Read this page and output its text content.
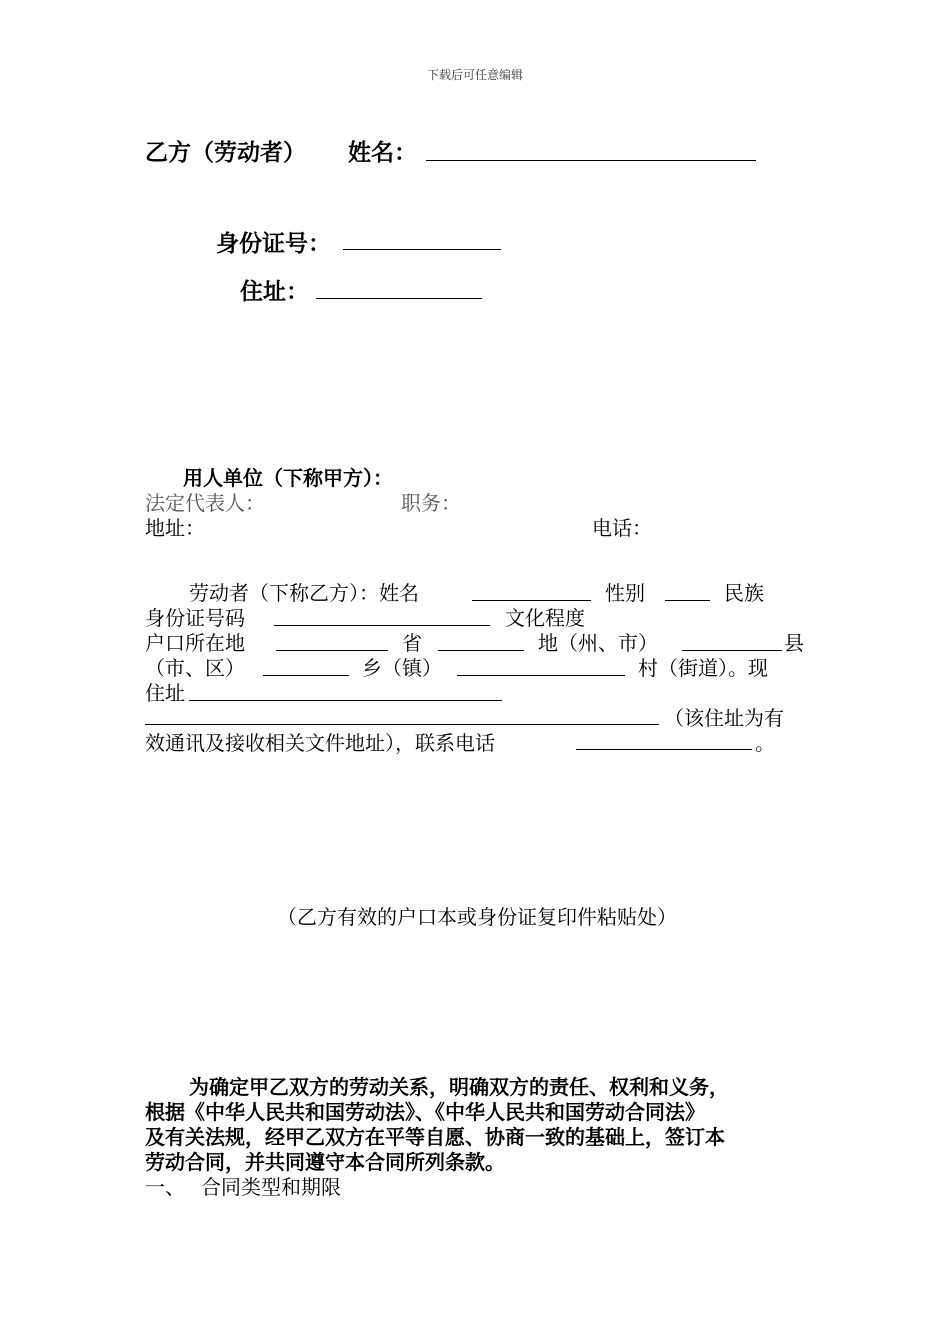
下载后可任意编辑
乙方（劳动者） 姓名：
身份证号：
住址：
用人单位（下称甲方）：
法定代表人：	职务：
地址：	电话：
劳动者（下称乙方）：姓名	性别	民族
身份证号码	文化程度
户口所在地	省	地（州、市）	县
（市、区）	乡（镇）	村（街道）。现
住址
（该住址为有
效通讯及接收相关文件地址），联系电话	。
（乙方有效的户口本或身份证复印件粘贴处）
为确定甲乙双方的劳动关系，明确双方的责任、权利和义务，
根据《中华人民共和国劳动法》、《中华人民共和国劳动合同法》
及有关法规，经甲乙双方在平等自愿、协商一致的基础上，签订本
劳动合同，并共同遵守本合同所列条款。
一、 合同类型和期限
